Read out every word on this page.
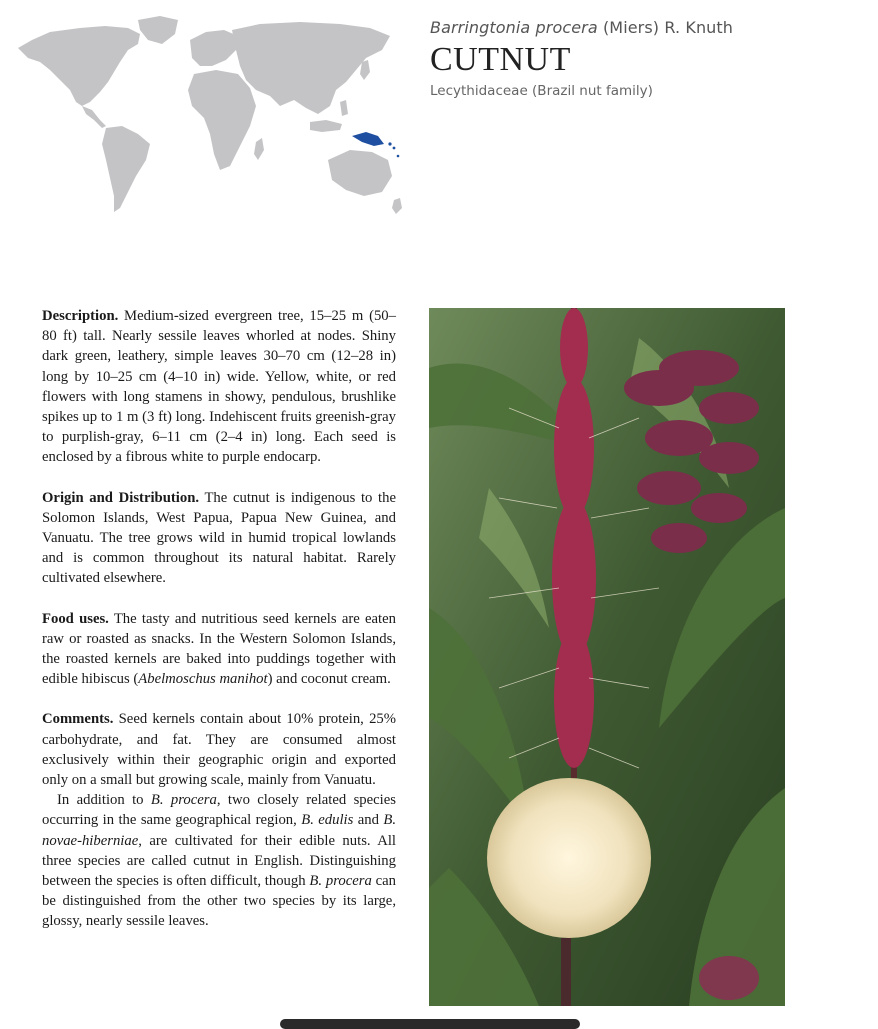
Barringtonia procera (Miers) R. Knuth
CUTNUT
Lecythidaceae (Brazil nut family)

Description. Medium-sized evergreen tree, 15–25 m (50–80 ft) tall. Nearly sessile leaves whorled at nodes. Shiny dark green, leathery, simple leaves 30–70 cm (12–28 in) long by 10–25 cm (4–10 in) wide. Yellow, white, or red flowers with long stamens in showy, pendulous, brushlike spikes up to 1 m (3 ft) long. Indehiscent fruits greenish-gray to purplish-gray, 6–11 cm (2–4 in) long. Each seed is enclosed by a fibrous white to purple endocarp.

Origin and Distribution. The cutnut is indigenous to the Solomon Islands, West Papua, Papua New Guinea, and Vanuatu. The tree grows wild in humid tropical lowlands and is common throughout its natural habitat. Rarely cultivated elsewhere.

Food uses. The tasty and nutritious seed kernels are eaten raw or roasted as snacks. In the Western Solomon Islands, the roasted kernels are baked into puddings together with edible hibiscus (Abelmoschus manihot) and coconut cream.

Comments. Seed kernels contain about 10% protein, 25% carbohydrate, and fat. They are consumed almost exclusively within their geographic origin and exported only on a small but growing scale, mainly from Vanuatu.

In addition to B. procera, two closely related species occurring in the same geographical region, B. edulis and B. novae-hiberniae, are cultivated for their edible nuts. All three species are called cutnut in English. Distinguishing between the species is often difficult, though B. procera can be distinguished from the other two species by its large, glossy, nearly sessile leaves.
